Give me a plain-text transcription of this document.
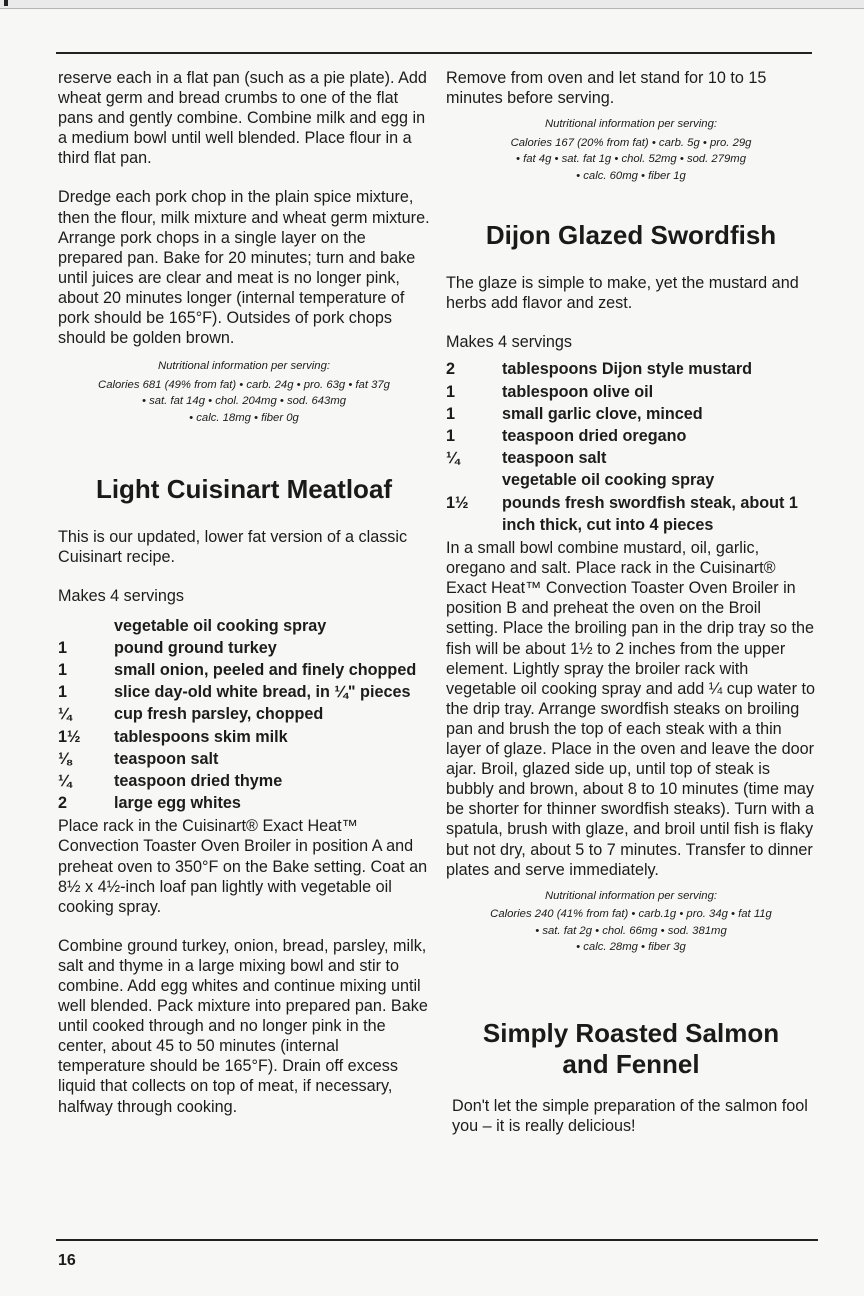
reserve each in a flat pan (such as a pie plate). Add wheat germ and bread crumbs to one of the flat pans and gently combine. Combine milk and egg in a medium bowl until well blended. Place flour in a third flat pan.

Dredge each pork chop in the plain spice mixture, then the flour, milk mixture and wheat germ mixture. Arrange pork chops in a single layer on the prepared pan. Bake for 20 minutes; turn and bake until juices are clear and meat is no longer pink, about 20 minutes longer (internal temperature of pork should be 165°F). Outsides of pork chops should be golden brown.

Nutritional information per serving:

Calories 681 (49% from fat) • carb. 24g • pro. 63g • fat 37g

• sat. fat 14g • chol. 204mg • sod. 643mg

• calc. 18mg • fiber 0g

Light Cuisinart Meatloaf

This is our updated, lower fat version of a classic Cuisinart recipe.

Makes 4 servings

vegetable oil cooking spray
1	pound ground turkey
1	small onion, peeled and finely chopped
1	slice day-old white bread, in ¼" pieces
¼	cup fresh parsley, chopped
1½	tablespoons skim milk
⅛	teaspoon salt
¼	teaspoon dried thyme
2	large egg whites

Place rack in the Cuisinart® Exact Heat™ Convection Toaster Oven Broiler in position A and preheat oven to 350°F on the Bake setting. Coat an 8½ x 4½-inch loaf pan lightly with vegetable oil cooking spray.

Combine ground turkey, onion, bread, parsley, milk, salt and thyme in a large mixing bowl and stir to combine. Add egg whites and continue mixing until well blended. Pack mixture into prepared pan. Bake until cooked through and no longer pink in the center, about 45 to 50 minutes (internal temperature should be 165°F). Drain off excess liquid that collects on top of meat, if necessary, halfway through cooking.

Remove from oven and let stand for 10 to 15 minutes before serving.

Nutritional information per serving:

Calories 167 (20% from fat) • carb. 5g • pro. 29g

• fat 4g • sat. fat 1g • chol. 52mg • sod. 279mg

• calc. 60mg • fiber 1g

Dijon Glazed Swordfish

The glaze is simple to make, yet the mustard and herbs add flavor and zest.

Makes 4 servings

2	tablespoons Dijon style mustard
1	tablespoon olive oil
1	small garlic clove, minced
1	teaspoon dried oregano
¼	teaspoon salt
vegetable oil cooking spray
1½	pounds fresh swordfish steak, about 1 inch thick, cut into 4 pieces

In a small bowl combine mustard, oil, garlic, oregano and salt. Place rack in the Cuisinart® Exact Heat™ Convection Toaster Oven Broiler in position B and preheat the oven on the Broil setting. Place the broiling pan in the drip tray so the fish will be about 1½ to 2 inches from the upper element. Lightly spray the broiler rack with vegetable oil cooking spray and add ¼ cup water to the drip tray. Arrange swordfish steaks on broiling pan and brush the top of each steak with a thin layer of glaze. Place in the oven and leave the door ajar. Broil, glazed side up, until top of steak is bubbly and brown, about 8 to 10 minutes (time may be shorter for thinner swordfish steaks). Turn with a spatula, brush with glaze, and broil until fish is flaky but not dry, about 5 to 7 minutes. Transfer to dinner plates and serve immediately.

Nutritional information per serving:

Calories 240 (41% from fat) • carb.1g • pro. 34g • fat 11g

• sat. fat 2g • chol. 66mg • sod. 381mg

• calc. 28mg • fiber 3g

Simply Roasted Salmon
and Fennel

Don't let the simple preparation of the salmon fool you – it is really delicious!

16
